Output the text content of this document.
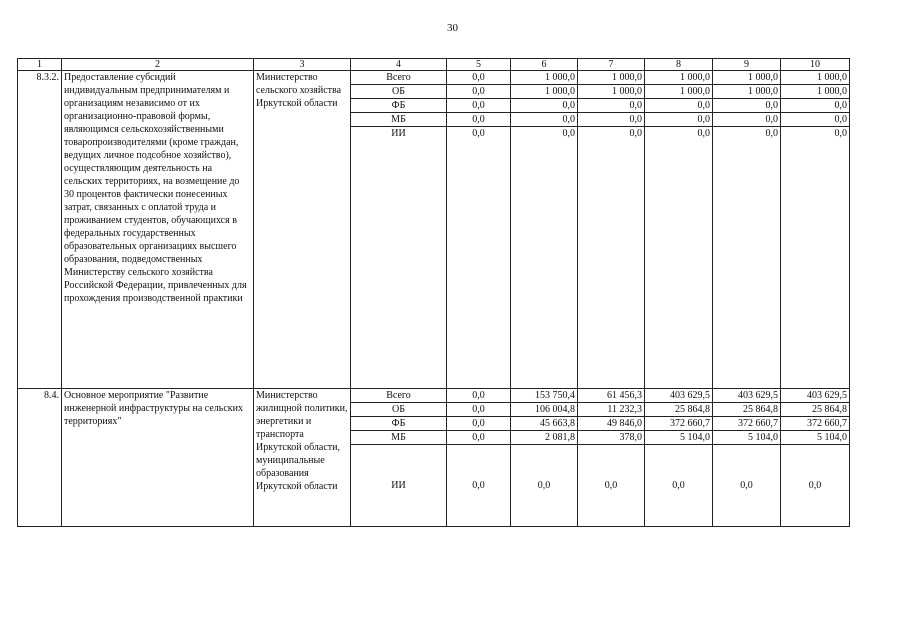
30
1	2	3	4	5	6	7	8	9	10
8.3.2.	Предоставление субсидий индивидуальным предпринимателям и организациям независимо от их организационно-правовой формы, являющимся сельскохозяйственными товаропроизводителями (кроме граждан, ведущих личное подсобное хозяйство), осуществляющим деятельность на сельских территориях, на возмещение до 30 процентов фактически понесенных затрат, связанных с оплатой труда и проживанием студентов, обучающихся в федеральных государственных образовательных организациях высшего образования, подведомственных Министерству сельского хозяйства Российской Федерации, привлеченных для прохождения производственной практики	Министерство сельского хозяйства Иркутской области	Всего	0,0	1 000,0	1 000,0	1 000,0	1 000,0	1 000,0
			ОБ	0,0	1 000,0	1 000,0	1 000,0	1 000,0	1 000,0
			ФБ	0,0	0,0	0,0	0,0	0,0	0,0
			МБ	0,0	0,0	0,0	0,0	0,0	0,0
			ИИ	0,0	0,0	0,0	0,0	0,0	0,0
8.4.	Основное мероприятие "Развитие инженерной инфраструктуры на сельских территориях"	Министерство жилищной политики, энергетики и транспорта Иркутской области, муниципальные образования Иркутской области	Всего	0,0	153 750,4	61 456,3	403 629,5	403 629,5	403 629,5
			ОБ	0,0	106 004,8	11 232,3	25 864,8	25 864,8	25 864,8
			ФБ	0,0	45 663,8	49 846,0	372 660,7	372 660,7	372 660,7
			МБ	0,0	2 081,8	378,0	5 104,0	5 104,0	5 104,0
			ИИ	0,0	0,0	0,0	0,0	0,0	0,0
